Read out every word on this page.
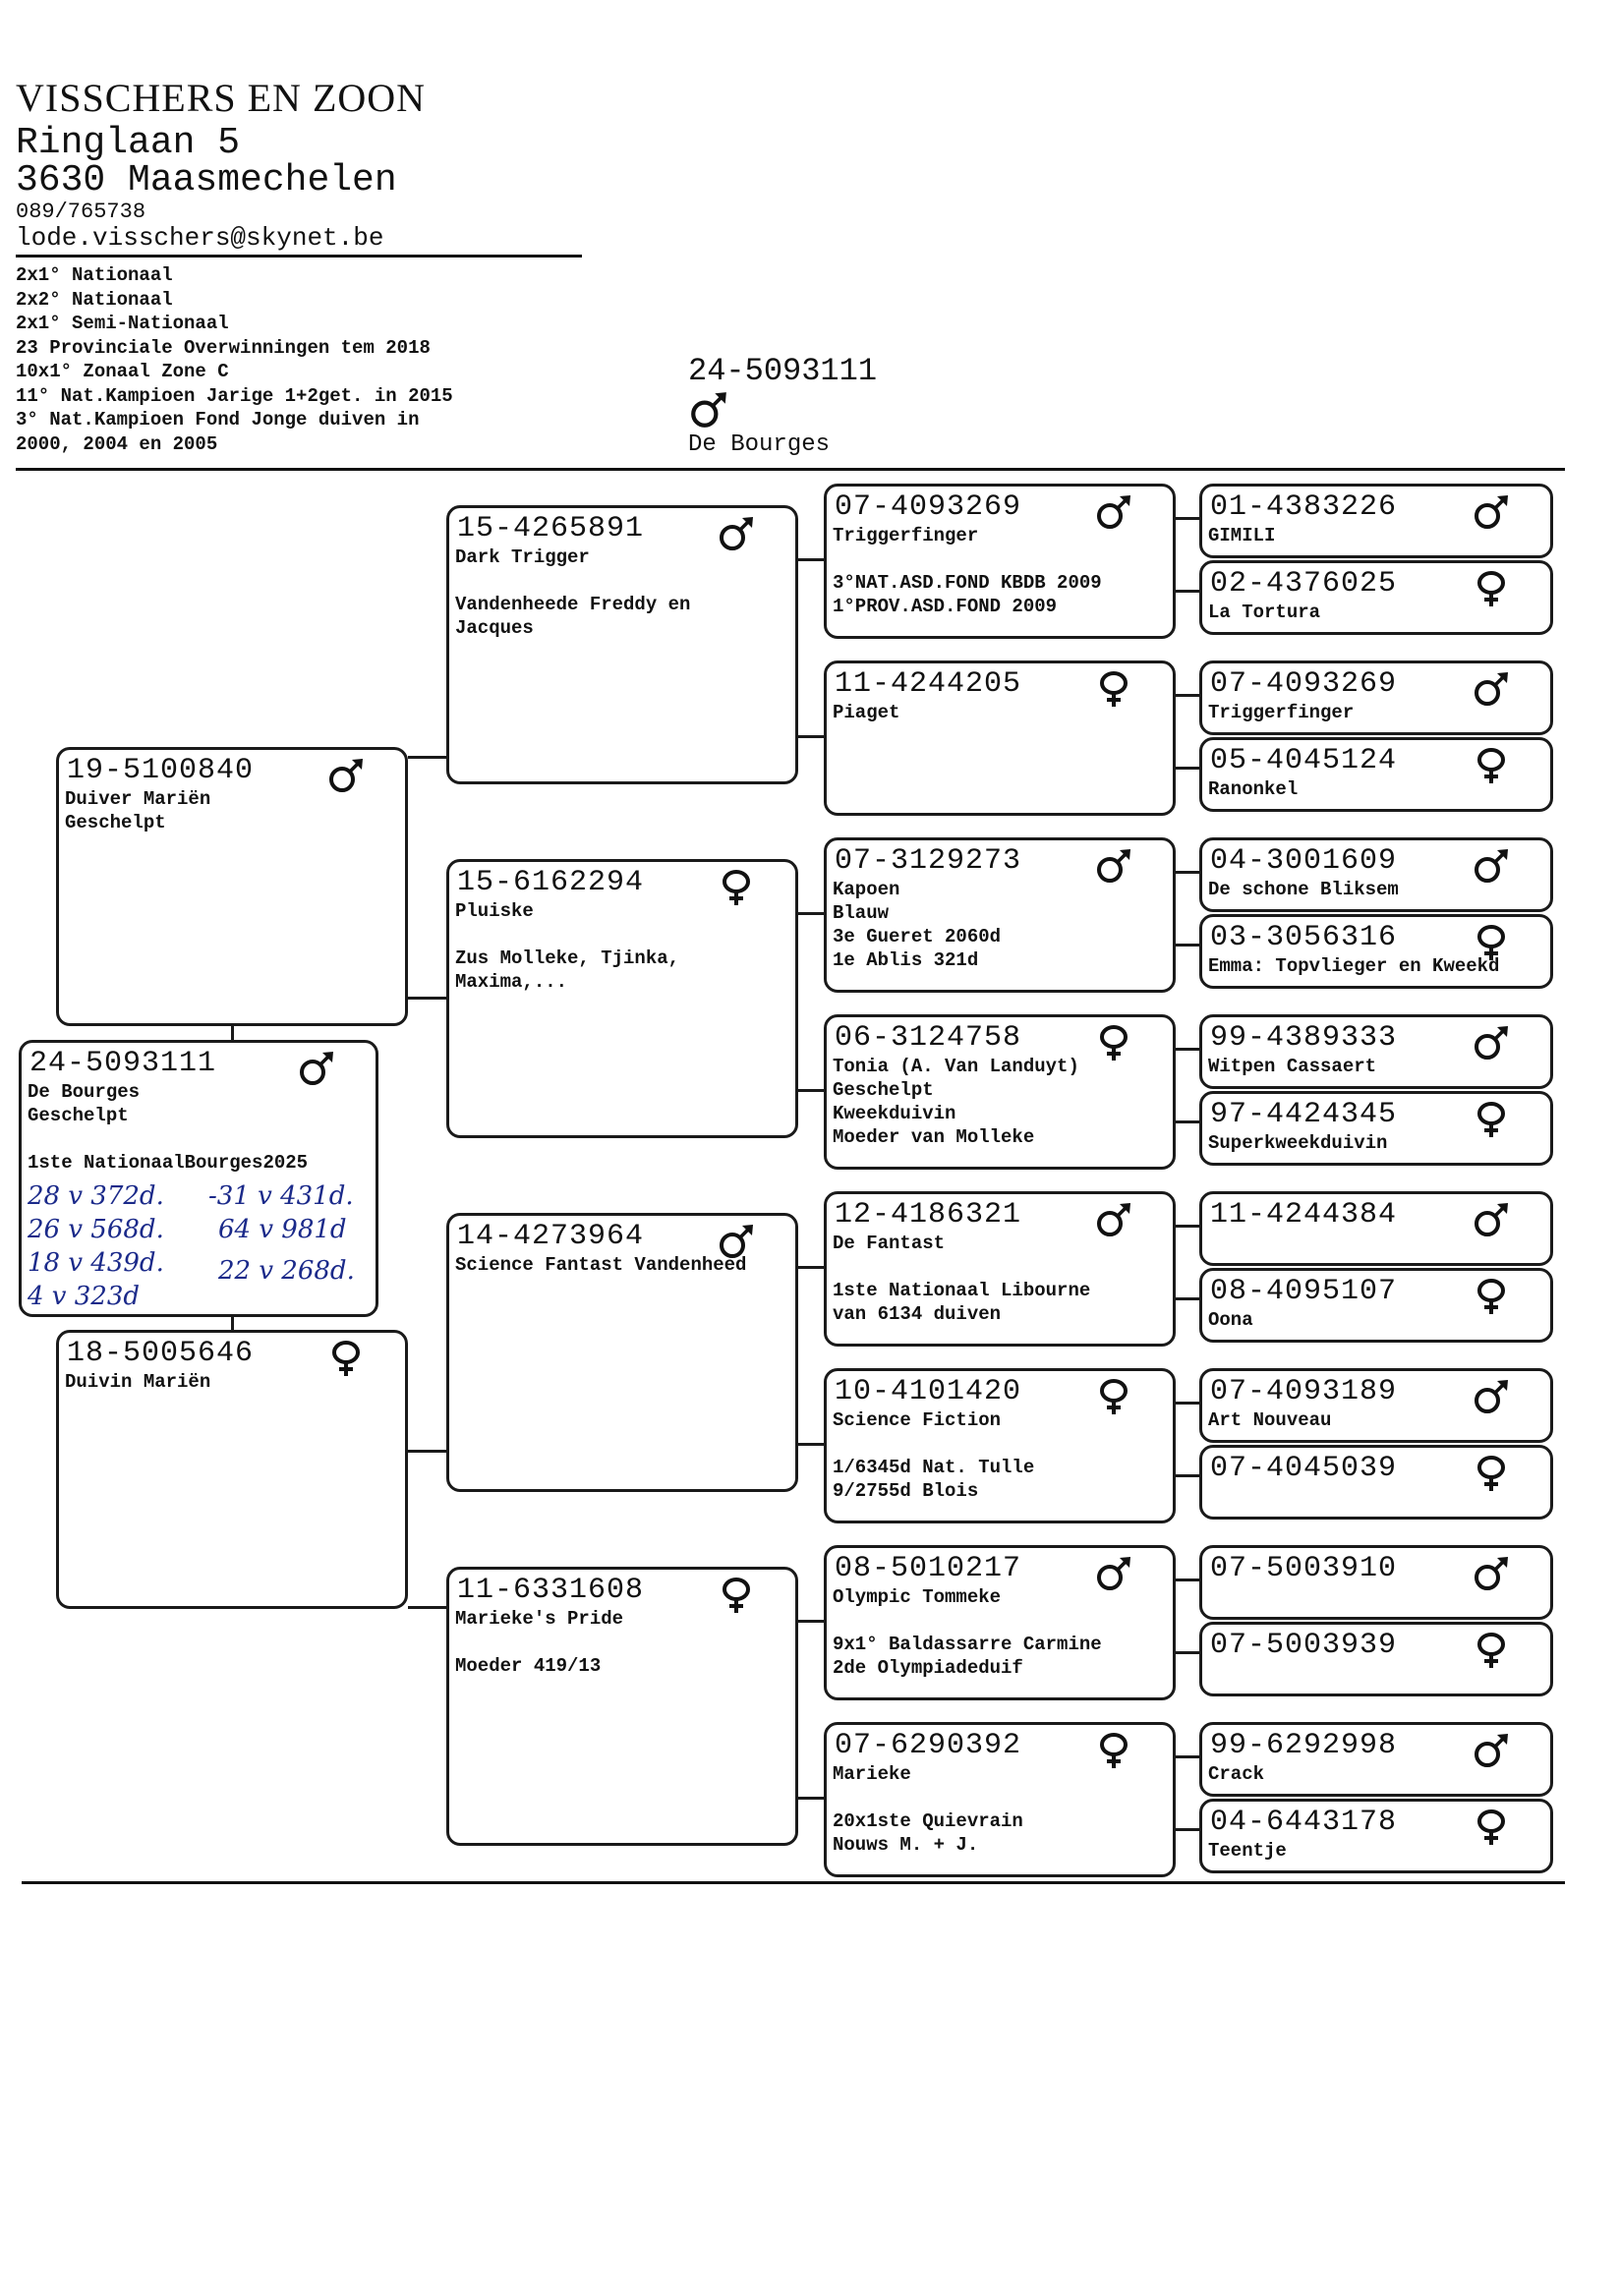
VISSCHERS EN ZOON
Ringlaan 5
3630 Maasmechelen
089/765738
lode.visschers@skynet.be
2x1° Nationaal
2x2° Nationaal
2x1° Semi-Nationaal
23 Provinciale Overwinningen tem 2018
10x1° Zonaal Zone C
11° Nat.Kampioen Jarige 1+2get. in 2015
3° Nat.Kampioen Fond Jonge duiven in
2000, 2004 en 2005
24-5093111
De Bourges
19-5100840
Duiver Mariën
Geschelpt
24-5093111
De Bourges
Geschelpt
1ste NationaalBourges2025
28 v 372d. -31 v 431d.
26 v 568d. 64 v 981d
18 v 439d. 22 v 268d.
4 v 323d
18-5005646
Duivin Mariën
15-4265891
Dark Trigger
Vandenheede Freddy en
Jacques
15-6162294
Pluiske
Zus Molleke, Tjinka,
Maxima,...
14-4273964
Science Fantast Vandenheed
11-6331608
Marieke's Pride
Moeder 419/13
07-4093269
Triggerfinger
3°NAT.ASD.FOND KBDB 2009
1°PROV.ASD.FOND 2009
11-4244205
Piaget
07-3129273
Kapoen
Blauw
3e Gueret 2060d
1e Ablis 321d
06-3124758
Tonia (A. Van Landuyt)
Geschelpt
Kweekduivin
Moeder van Molleke
12-4186321
De Fantast
1ste Nationaal Libourne
van 6134 duiven
10-4101420
Science Fiction
1/6345d Nat. Tulle
9/2755d Blois
08-5010217
Olympic Tommeke
9x1° Baldassarre Carmine
2de Olympiadeduif
07-6290392
Marieke
20x1ste Quievrain
Nouws M. + J.
01-4383226
GIMILI
02-4376025
La Tortura
07-4093269
Triggerfinger
05-4045124
Ranonkel
04-3001609
De schone Bliksem
03-3056316
Emma: Topvlieger en Kweekd
99-4389333
Witpen Cassaert
97-4424345
Superkweekduivin
11-4244384
08-4095107
Oona
07-4093189
Art Nouveau
07-4045039
07-5003910
07-5003939
99-6292998
Crack
04-6443178
Teentje
